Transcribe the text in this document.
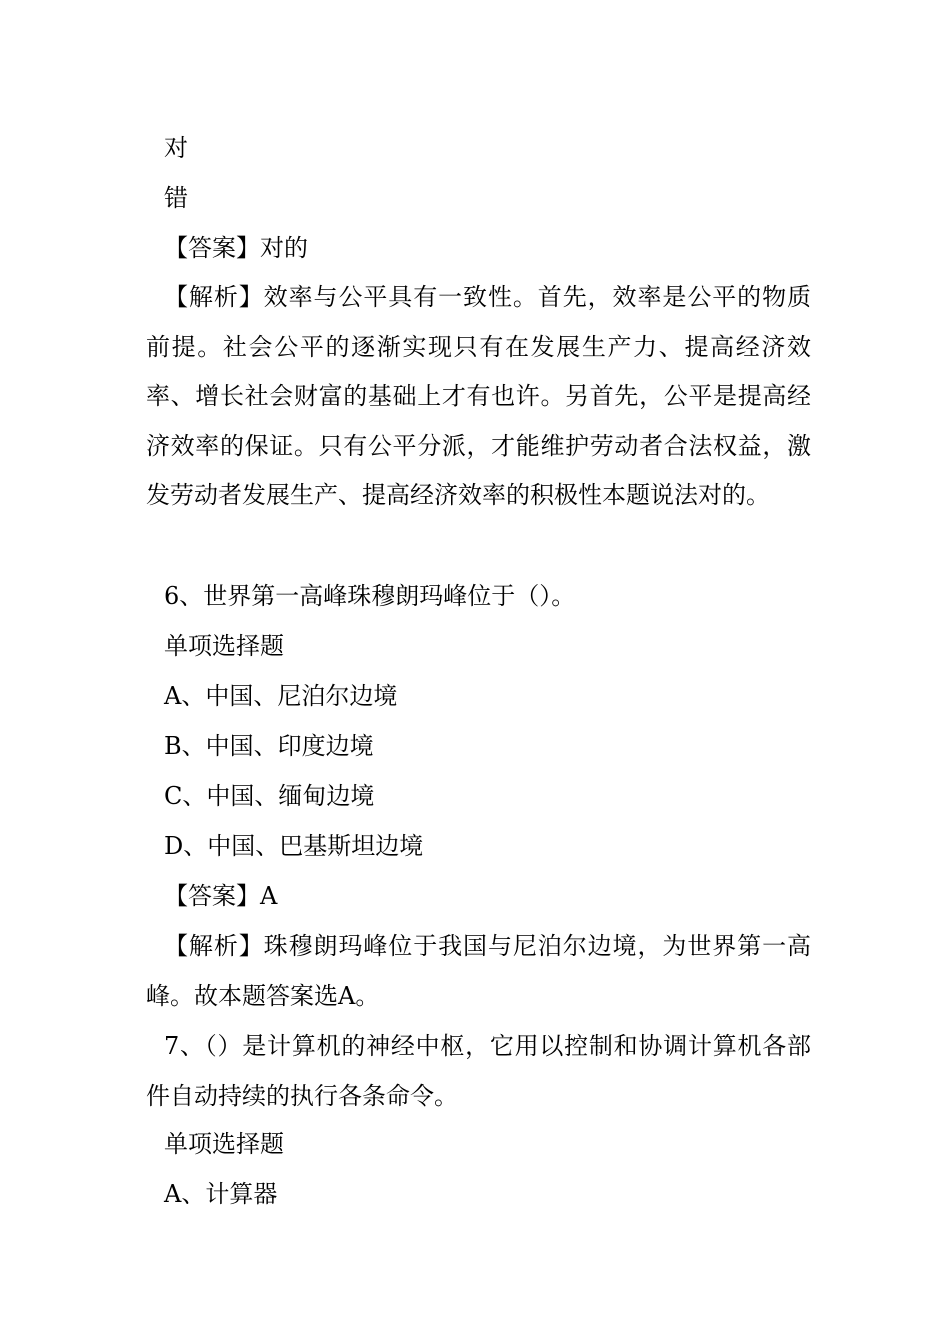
对
错
【答案】对的

【解析】效率与公平具有一致性。首先，效率是公平的物质前提。社会公平的逐渐实现只有在发展生产力、提高经济效率、增长社会财富的基础上才有也许。另首先，公平是提高经济效率的保证。只有公平分派，才能维护劳动者合法权益，激发劳动者发展生产、提高经济效率的积极性本题说法对的。

6、世界第一高峰珠穆朗玛峰位于（）。
单项选择题
A、中国、尼泊尔边境
B、中国、印度边境
C、中国、缅甸边境
D、中国、巴基斯坦边境
【答案】A

【解析】珠穆朗玛峰位于我国与尼泊尔边境，为世界第一高峰。故本题答案选A。

7、（）是计算机的神经中枢，它用以控制和协调计算机各部件自动持续的执行各条命令。

单项选择题
A、计算器
